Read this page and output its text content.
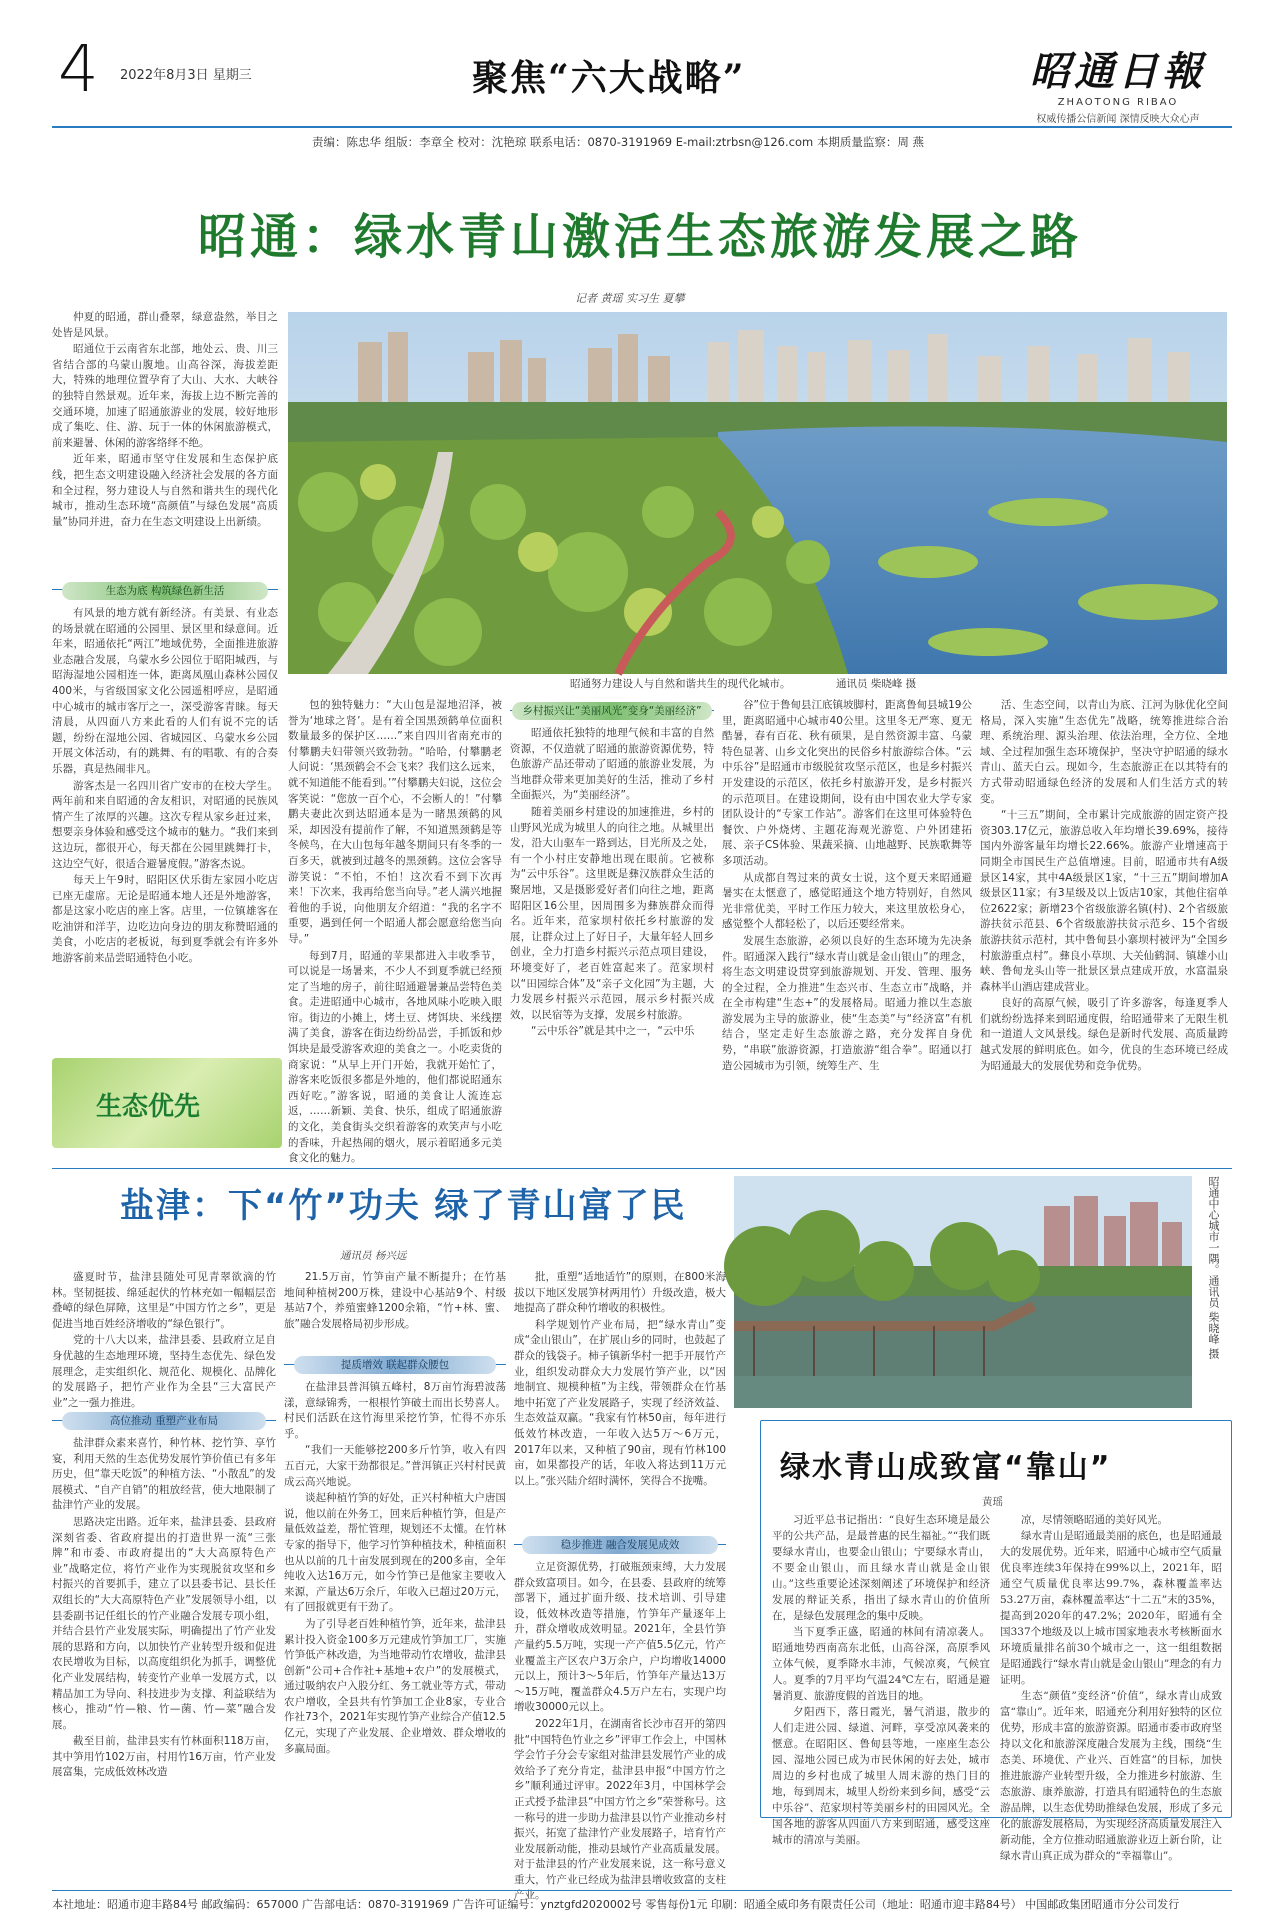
4 2022年8月3日 星期三	聚焦“六大战略”	昭通日報
ZHAOTONG RIBAO
权威传播公信新闻 深情反映大众心声
责编：陈忠华 组版：李章全 校对：沈艳琼 联系电话：0870-3191969 E-mail:ztrbsn@126.com 本期质量监察：周 燕
昭通：绿水青山激活生态旅游发展之路
记者 黄瑶 实习生 夏攀

仲夏的昭通，群山叠翠，绿意盎然，举目之处皆是风景。

昭通位于云南省东北部，地处云、贵、川三省结合部的乌蒙山腹地。山高谷深，海拔差距大，特殊的地理位置孕育了大山、大水、大峡谷的独特自然景观。近年来，海拔上边不断完善的交通环境，加速了昭通旅游业的发展，较好地形成了集吃、住、游、玩于一体的休闲旅游模式，前来避暑、休闲的游客络绎不绝。

近年来，昭通市坚守住发展和生态保护底线，把生态文明建设融入经济社会发展的各方面和全过程，努力建设人与自然和谐共生的现代化城市，推动生态环境“高颜值”与绿色发展“高质量”协同并进，奋力在生态文明建设上出新绩。

生态为底 构筑绿色新生活

有风景的地方就有新经济。有美景、有业态的场景就在昭通的公园里、景区里和绿意间。近年来，昭通依托“两江”地域优势，全面推进旅游业态融合发展，乌蒙水乡公园位于昭阳城西，与昭海湿地公园相连一体，距离凤凰山森林公园仅400米，与省级国家文化公园遥相呼应，是昭通中心城市的城市客厅之一，深受游客青睐。每天清晨，从四面八方来此看的人们有说不完的话题，纷纷在湿地公园、省城园区、乌蒙水乡公园开展文体活动，有的跳舞、有的唱歌、有的合奏乐器，真是热闹非凡。

游客杰是一名四川省广安市的在校大学生。两年前和来自昭通的舍友相识，对昭通的民族风情产生了浓厚的兴趣。这次专程从家乡赶过来，想要亲身体验和感受这个城市的魅力。“我们来到这边玩，都很开心，每天都在公园里跳舞打卡，这边空气好，很适合避暑度假。”游客杰说。

每天上午9时，昭阳区伏乐街左家园小吃店已座无虚席。无论是昭通本地人还是外地游客，都是这家小吃店的座上客。店里，一位镇雄客在吃油饼和洋芋，边吃边向身边的朋友称赞昭通的美食，小吃店的老板说，每到夏季就会有许多外地游客前来品尝昭通特色小吃。

生态优先
昭通努力建设人与自然和谐共生的现代化城市。	通讯员 柴晓峰 摄

包的独特魅力：“大山包是湿地沼泽，被誉为‘地球之肾’。是有着全国黑颈鹤单位面积数量最多的保护区……”来自四川省南充市的付攀鹏夫妇带领兴致勃勃。“哈哈，付攀鹏老人问说：‘黑颈鹤会不会飞来？我们这么远来，就不知道能不能看到。’”付攀鹏夫妇说，这位会客笑说：“您放一百个心，不会断人的！”付攀鹏夫妻此次到达昭通本是为一睹黑颈鹤的风采，却因没有提前作了解，不知道黑颈鹤是等冬候鸟，在大山包每年越冬期间只有冬季的一百多天，就被到过越冬的黑颈鹤。这位会客导游笑说：“不怕，不怕！这次看不到下次再来！下次来，我再给您当向导。”老人满兴地握着他的手说，向他朋友介绍道：“我的名字不重要，遇到任何一个昭通人都会愿意给您当向导。”

每到7月，昭通的苹果都进入丰收季节，可以说是一场暑来，不少人不到夏季就已经预定了当地的房子，前往昭通避暑兼品尝特色美食。走进昭通中心城市，各地风味小吃映入眼帘。街边的小摊上，烤土豆、烤饵块、米线摆满了美食，游客在街边纷纷品尝，手抓饭和炒饵块是最受游客欢迎的美食之一。小吃卖货的商家说：“从早上开门开始，我就开始忙了，游客来吃饭很多都是外地的，他们都说昭通东西好吃。”游客说，昭通的美食让人流连忘返，……新颖、美食、快乐，组成了昭通旅游的文化，美食街头交织着游客的欢笑声与小吃的香味，升起热闹的烟火，展示着昭通多元美食文化的魅力。

乡村振兴让“美丽风光”变身“美丽经济”

昭通依托独特的地理气候和丰富的自然资源，不仅造就了昭通的旅游资源优势，特色旅游产品还带动了昭通的旅游业发展，为当地群众带来更加美好的生活，推动了乡村全面振兴，为“美丽经济”。

随着美丽乡村建设的加速推进，乡村的山野风光成为城里人的向往之地。从城里出发，沿大山驱车一路到达，目光所及之处，有一个小村庄安静地出现在眼前。它被称为“云中乐谷”。这里既是彝汉族群众生活的聚居地，又是摄影爱好者们向往之地，距离昭阳区16公里，因周围多为彝族群众而得名。近年来，范家坝村依托乡村旅游的发展，让群众过上了好日子，大量年轻人回乡创业，全力打造乡村振兴示范点项目建设，环境变好了，老百姓富起来了。范家坝村以“田园综合体”及“亲子文化园”为主题，大力发展乡村振兴示范园，展示乡村振兴成效，以民宿等为支撑，发展乡村旅游。

“云中乐谷”就是其中之一，“云中乐

谷”位于鲁甸县江底镇坡脚村，距离鲁甸县城19公里，距离昭通中心城市40公里。这里冬无严寒、夏无酷暑，春有百花、秋有硕果，是自然资源丰富、乌蒙特色显著、山乡文化突出的民俗乡村旅游综合体。“云中乐谷”是昭通市市级脱贫攻坚示范区，也是乡村振兴开发建设的示范区，依托乡村旅游开发，是乡村振兴的示范项目。在建设期间，设有由中国农业大学专家团队设计的“专家工作站”。游客们在这里可体验特色餐饮、户外烧烤、主题花海观光游览、户外团建拓展、亲子CS体验、果蔬采摘、山地越野、民族歌舞等多项活动。

从成都自驾过来的黄女士说，这个夏天来昭通避暑实在太惬意了，感觉昭通这个地方特别好，自然风光非常优美，平时工作压力较大，来这里放松身心，感觉整个人都轻松了，以后还要经常来。

发展生态旅游，必须以良好的生态环境为先决条件。昭通深入践行“绿水青山就是金山银山”的理念，将生态文明建设贯穿到旅游规划、开发、管理、服务的全过程，全力推进“生态兴市、生态立市”战略，并在全市构建“生态+”的发展格局。昭通力推以生态旅游发展为主导的旅游业，使“生态美”与“经济富”有机结合，坚定走好生态旅游之路，充分发挥自身优势，“串联”旅游资源，打造旅游“组合拳”。昭通以打造公园城市为引领，统筹生产、生

活、生态空间，以青山为底、江河为脉优化空间格局，深入实施“生态优先”战略，统筹推进综合治理、系统治理、源头治理、依法治理，全方位、全地域、全过程加强生态环境保护，坚决守护昭通的绿水青山、蓝天白云。现如今，生态旅游正在以其特有的方式带动昭通绿色经济的发展和人们生活方式的转变。

“十三五”期间，全市累计完成旅游的固定资产投资303.17亿元，旅游总收入年均增长39.69%，接待国内外游客量年均增长22.66%。旅游产业增速高于同期全市国民生产总值增速。目前，昭通市共有A级景区14家，其中4A级景区1家，“十三五”期间增加A级景区11家；有3星级及以上饭店10家，其他住宿单位2622家；新增23个省级旅游名镇(村)、2个省级旅游扶贫示范县、6个省级旅游扶贫示范乡、15个省级旅游扶贫示范村，其中鲁甸县小寨坝村被评为“全国乡村旅游重点村”。彝良小草坝、大关仙鹤洞、镇雄小山峡、鲁甸龙头山等一批景区景点建成开放，水富温泉森林半山酒店建成营业。

良好的高原气候，吸引了许多游客，每逢夏季人们就纷纷选择来到昭通度假，给昭通带来了无限生机和一道道人文风景线。绿色是新时代发展、高质量跨越式发展的鲜明底色。如今，优良的生态环境已经成为昭通最大的发展优势和竞争优势。

盐津：下“竹”功夫 绿了青山富了民
通讯员 杨兴远	昭通中心城市一隅。通讯员 柴晓峰 摄

盛夏时节，盐津县随处可见青翠欲滴的竹林。坚韧挺拔、绵延起伏的竹林充如一幅幅层峦叠嶂的绿色屏障，这里是“中国方竹之乡”，更是促进当地百姓经济增收的“绿色银行”。

党的十八大以来，盐津县委、县政府立足自身优越的生态地理环境，坚持生态优先、绿色发展理念，走实组织化、规范化、规模化、品牌化的发展路子，把竹产业作为全县“三大富民产业”之一强力推进。

高位推动 重塑产业布局

盐津群众素来喜竹，种竹林、挖竹笋、享竹宴，利用天然的生态优势发展竹笋价值已有多年历史，但“靠天吃饭”的种植方法、“小散乱”的发展模式、“自产自销”的粗放经营，使大地限制了盐津竹产业的发展。

思路决定出路。近年来，盐津县委、县政府深刻省委、省政府提出的打造世界一流“三张牌”和市委、市政府提出的“大大高原特色产业”战略定位，将竹产业作为实现脱贫攻坚和乡村振兴的首要抓手，建立了以县委书记、县长任双组长的“大大高原特色产业”发展领导小组，以县委副书记任组长的竹产业融合发展专项小组，并结合县竹产业发展实际，明确提出了竹产业发展的思路和方向，以加快竹产业转型升级和促进农民增收为目标，以高度组织化为抓手，调整优化产业发展结构，转变竹产业单一发展方式，以精品加工为导向、科技进步为支撑、利益联结为核心，推动“竹—粮、竹—菌、竹—菜”融合发展。

截至目前，盐津县实有竹林面积118万亩，其中笋用竹102万亩，村用竹16万亩，竹产业发展富集，完成低效林改造

21.5万亩，竹笋亩产量不断提升；在竹基地间种植树200万株，建设中心基站9个、村级基站7个，养殖蜜蜂1200余箱，“竹+林、蜜、旅”融合发展格局初步形成。

提质增效 联起群众腰包

在盐津县普洱镇五峰村，8万亩竹海碧波荡漾，意绿锦秀，一根根竹笋破土而出长势喜人。村民们活跃在这竹海里采挖竹笋，忙得不亦乐乎。

“我们一天能够挖200多斤竹笋，收入有四五百元，大家干劲都很足。”普洱镇正兴村村民黄成云高兴地说。

谈起种植竹笋的好处，正兴村种植大户唐国说，他以前在外务工，回来后种植竹笋，但是产量低效益差，帮忙管理，规划还不太懂。在竹林专家的指导下，他学习竹笋种植技术，种植面积也从以前的几十亩发展到现在的200多亩，全年纯收入达16万元，如今竹笋已是他家主要收入来源，产量达6万余斤，年收入已超过20万元，有了回报就更有干劲了。

为了引导老百姓种植竹笋，近年来，盐津县累计投入资金100多万元建成竹笋加工厂，实施竹笋低产林改造，为当地带动竹农增收，盐津县创新“公司+合作社+基地+农户”的发展模式，通过吸纳农户入股分红、务工就业等方式，带动农户增收，全县共有竹笋加工企业8家，专业合作社73个，2021年实现竹笋产业综合产值12.5亿元，实现了产业发展、企业增效、群众增收的多赢局面。

批，重塑“适地适竹”的原则，在800米海拔以下地区发展笋材两用竹）升级改造，极大地提高了群众种竹增收的积极性。

科学规划竹产业布局，把“绿水青山”变成“金山银山”，在扩展山乡的同时，也鼓起了群众的钱袋子。柿子镇新华村一把手开展竹产业，组织发动群众大力发展竹笋产业，以“因地制宜、规模种植”为主线，带领群众在竹基地中拓宽了产业发展路子，实现了经济效益、生态效益双赢。“我家有竹林50亩，每年进行低效竹林改造，一年收入达5万～6万元，2017年以来，又种植了90亩，现有竹林100亩，如果都投产的话，年收入将达到11万元以上。”张兴陆介绍时满怀，笑得合不拢嘴。

稳步推进 融合发展见成效

立足资源优势，打破瓶颈束缚，大力发展群众致富项目。如今，在县委、县政府的统筹部署下，通过扩面升级、技术培训、引导建设，低效林改造等措施，竹笋年产量逐年上升，群众增收成效明显。2021年，全县竹笋产量约5.5万吨，实现一产产值5.5亿元，竹产业覆盖主产区农户3万余户，户均增收14000元以上，预计3～5年后，竹笋年产量达13万～15万吨，覆盖群众4.5万户左右，实现户均增收30000元以上。

2022年1月，在湖南省长沙市召开的第四批“中国特色竹业之乡”评审工作会上，中国林学会竹子分会专家组对盐津县发展竹产业的成效给予了充分肯定，盐津县申报“中国方竹之乡”顺利通过评审。2022年3月，中国林学会正式授予盐津县“中国方竹之乡”荣誉称号。这一称号的进一步助力盐津县以竹产业推动乡村振兴，拓宽了盐津竹产业发展路子，培育竹产业发展新动能，推动县域竹产业高质量发展。对于盐津县的竹产业发展来说，这一称号意义重大，竹产业已经成为盐津县增收致富的支柱产业。

绿水青山成致富“靠山”
黄瑶

习近平总书记指出：“良好生态环境是最公平的公共产品，是最普惠的民生福祉。”“我们既要绿水青山，也要金山银山；宁要绿水青山，不要金山银山，而且绿水青山就是金山银山。”这些重要论述深刻阐述了环境保护和经济发展的辩证关系，指出了绿水青山的价值所在，是绿色发展理念的集中反映。

当下夏季正盛，昭通的林间有清凉袭人。昭通地势西南高东北低，山高谷深，高原季风立体气候，夏季降水丰沛，气候凉爽，气候宜人。夏季的7月平均气温24℃左右，昭通是避暑消夏、旅游度假的首选目的地。

夕阳西下，落日霞光，暑气消退，散步的人们走进公园、绿道、河畔，享受凉风袭来的惬意。在昭阳区、鲁甸县等地，一座座生态公园、湿地公园已成为市民休闲的好去处，城市周边的乡村也成了城里人周末游的热门目的地，每到周末，城里人纷纷来到乡间，感受“云中乐谷”、范家坝村等美丽乡村的田园风光。全国各地的游客从四面八方来到昭通，感受这座城市的清凉与美丽。

凉，尽情领略昭通的美好风光。

绿水青山是昭通最美丽的底色，也是昭通最大的发展优势。近年来，昭通中心城市空气质量优良率连续3年保持在99%以上，2021年，昭通空气质量优良率达99.7%，森林覆盖率达53.27万亩，森林覆盖率达“十二五”末的35%，提高到2020年的47.2%；2020年，昭通有全国337个地级及以上城市国家地表水考核断面水环境质量排名前30个城市之一，这一组组数据是昭通践行“绿水青山就是金山银山”理念的有力证明。

生态“颜值”变经济“价值”，绿水青山成致富“靠山”。近年来，昭通充分利用好独特的区位优势，形成丰富的旅游资源。昭通市委市政府坚持以文化和旅游深度融合发展为主线，围绕“生态美、环境优、产业兴、百姓富”的目标，加快推进旅游产业转型升级，全力推进乡村旅游、生态旅游、康养旅游，打造具有昭通特色的生态旅游品牌，以生态优势助推绿色发展，形成了多元化的旅游发展格局，为实现经济高质量发展注入新动能，全方位推动昭通旅游业迈上新台阶，让绿水青山真正成为群众的“幸福靠山”。

本社地址：昭通市迎丰路84号 邮政编码：657000 广告部电话：0870-3191969 广告许可证编号：ynztgfd2020002号 零售每份1元 印刷：昭通全威印务有限责任公司（地址：昭通市迎丰路84号） 中国邮政集团昭通市分公司发行
